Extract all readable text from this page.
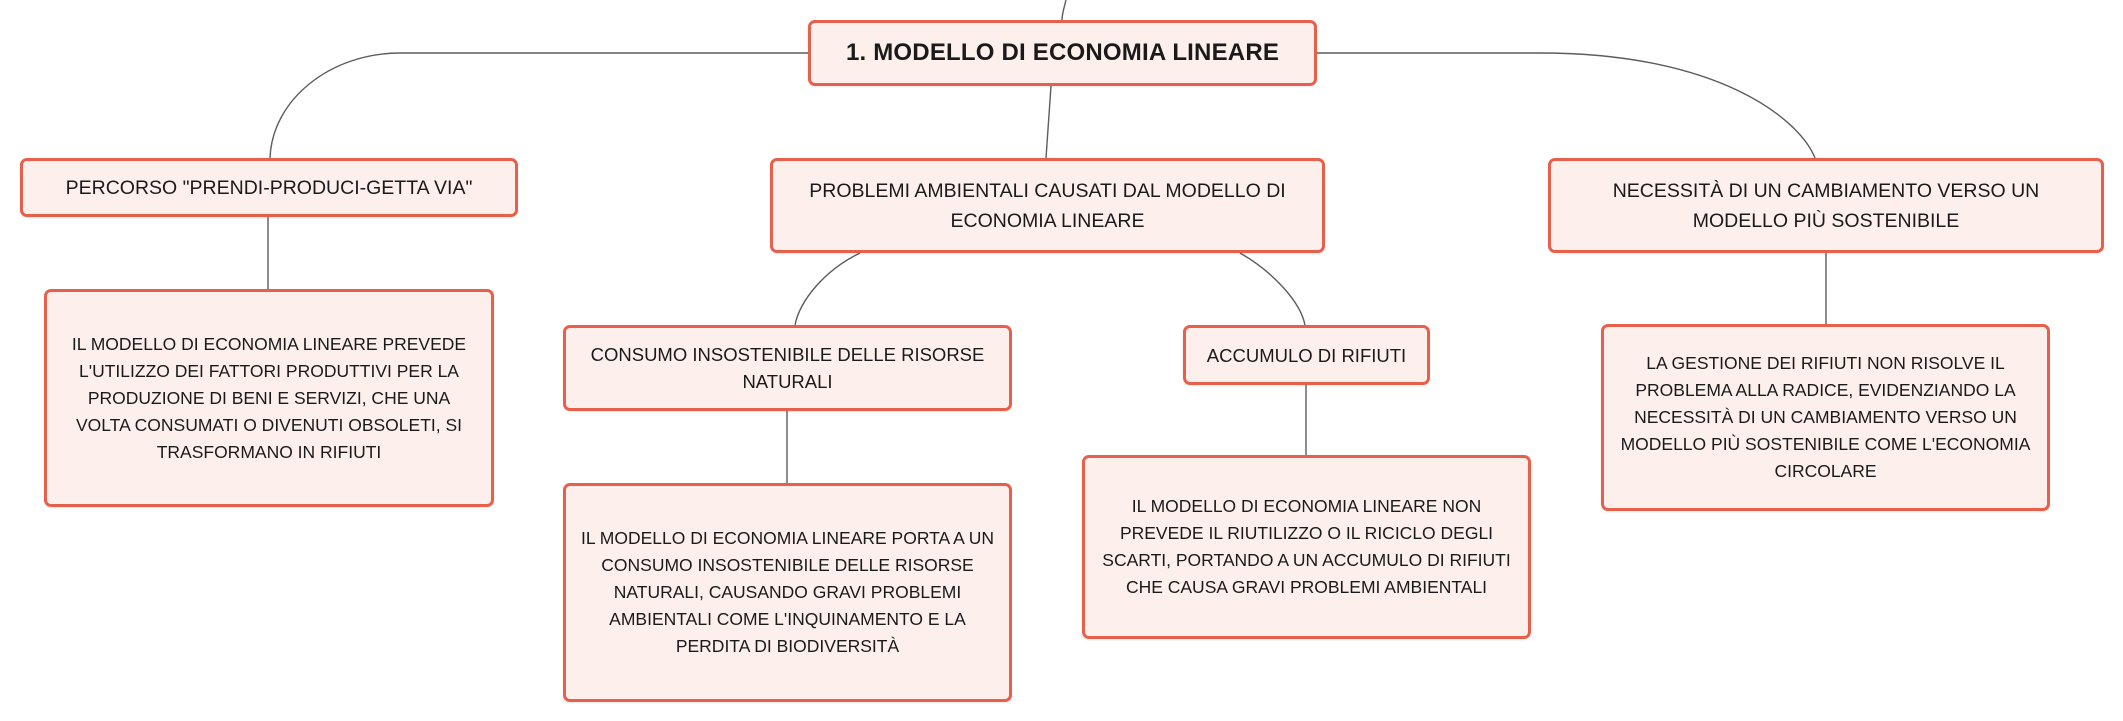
1. MODELLO DI ECONOMIA LINEARE
PERCORSO "PRENDI-PRODUCI-GETTA VIA"	PROBLEMI AMBIENTALI CAUSATI DAL MODELLO DI ECONOMIA LINEARE
NECESSITÀ DI UN CAMBIAMENTO VERSO UN MODELLO PIÙ SOSTENIBILE
IL MODELLO DI ECONOMIA LINEARE PREVEDE L'UTILIZZO DEI FATTORI PRODUTTIVI PER LA PRODUZIONE DI BENI E SERVIZI, CHE UNA VOLTA CONSUMATI O DIVENUTI OBSOLETI, SI TRASFORMANO IN RIFIUTI
CONSUMO INSOSTENIBILE DELLE RISORSE NATURALI
ACCUMULO DI RIFIUTI
IL MODELLO DI ECONOMIA LINEARE PORTA A UN CONSUMO INSOSTENIBILE DELLE RISORSE NATURALI, CAUSANDO GRAVI PROBLEMI AMBIENTALI COME L'INQUINAMENTO E LA PERDITA DI BIODIVERSITÀ
IL MODELLO DI ECONOMIA LINEARE NON PREVEDE IL RIUTILIZZO O IL RICICLO DEGLI SCARTI, PORTANDO A UN ACCUMULO DI RIFIUTI CHE CAUSA GRAVI PROBLEMI AMBIENTALI
LA GESTIONE DEI RIFIUTI NON RISOLVE IL PROBLEMA ALLA RADICE, EVIDENZIANDO LA NECESSITÀ DI UN CAMBIAMENTO VERSO UN MODELLO PIÙ SOSTENIBILE COME L'ECONOMIA CIRCOLARE
